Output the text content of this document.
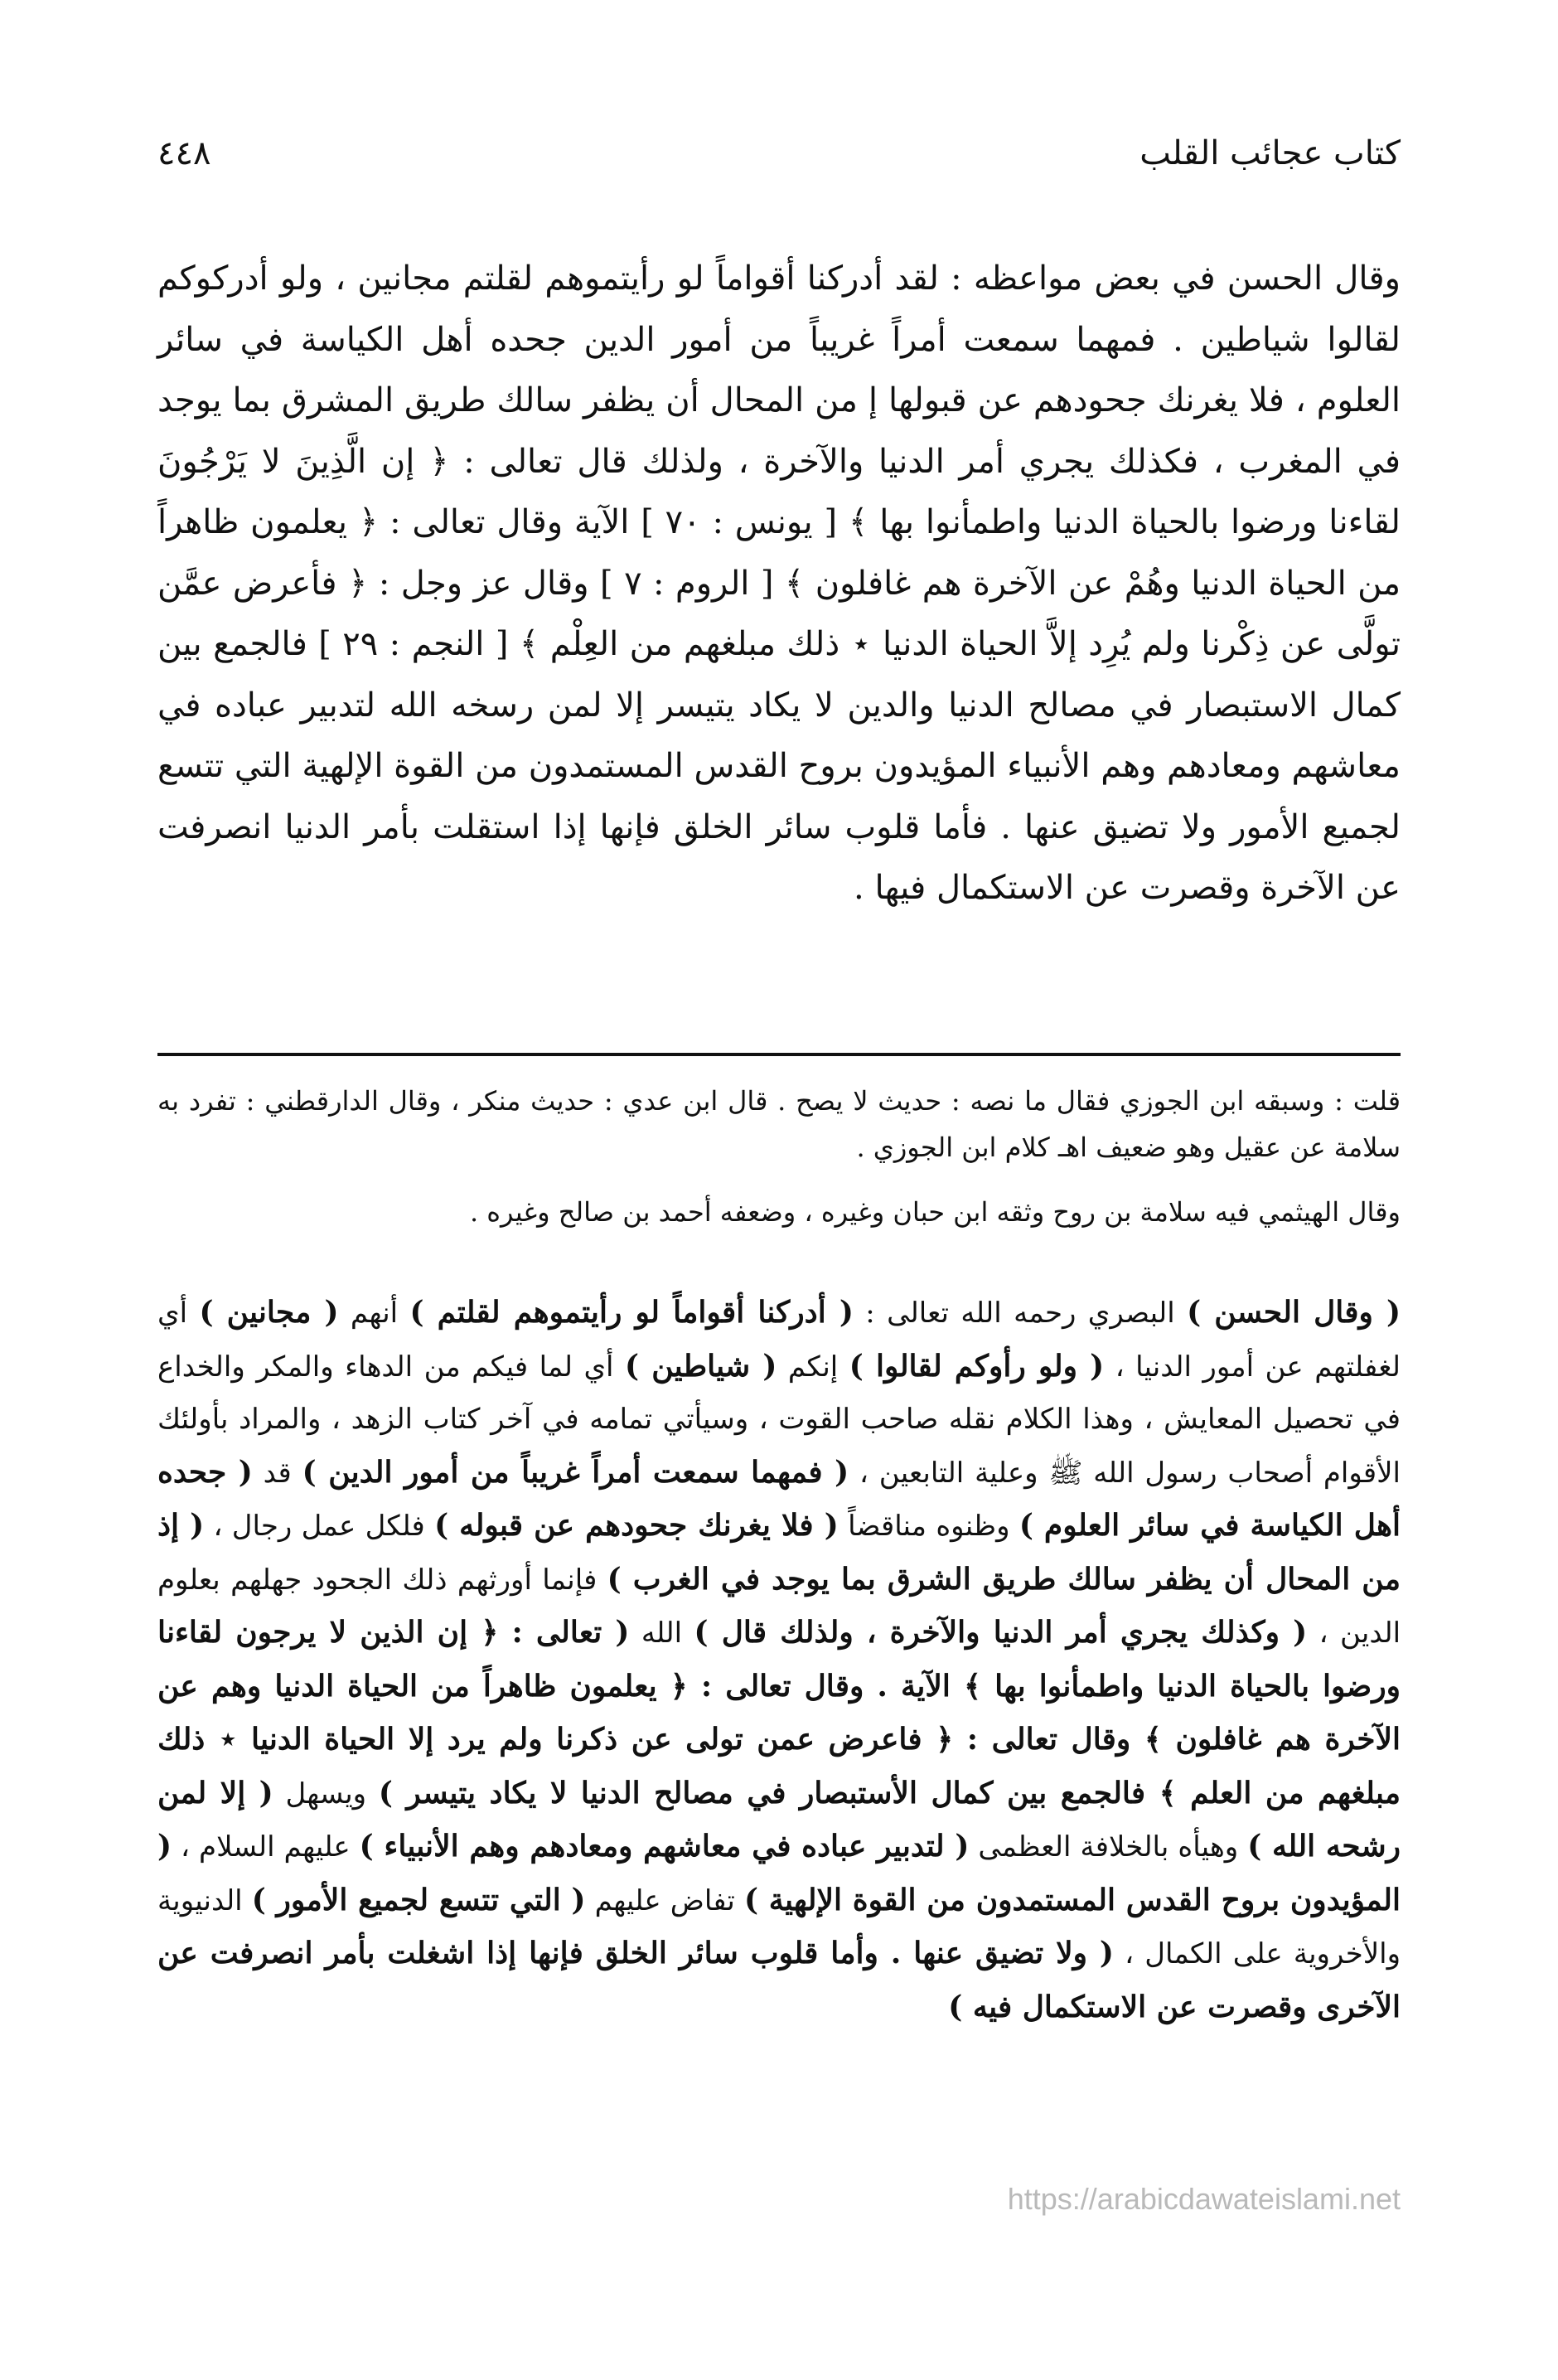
كتاب عجائب القلب
٤٤٨

وقال الحسن في بعض مواعظه : لقد أدركنا أقواماً لو رأيتموهم لقلتم مجانين ، ولو أدركوكم لقالوا شياطين . فمهما سمعت أمراً غريباً من أمور الدين جحده أهل الكياسة في سائر العلوم ، فلا يغرنك جحودهم عن قبولها إ من المحال أن يظفر سالك طريق المشرق بما يوجد في المغرب ، فكذلك يجري أمر الدنيا والآخرة ، ولذلك قال تعالى : ﴿ إن الَّذِينَ لا يَرْجُونَ لقاءنا ورضوا بالحياة الدنيا واطمأنوا بها ﴾ [ يونس : ٧٠ ] الآية وقال تعالى : ﴿ يعلمون ظاهراً من الحياة الدنيا وهُمْ عن الآخرة هم غافلون ﴾ [ الروم : ٧ ] وقال عز وجل : ﴿ فأعرض عمَّن تولَّى عن ذِكْرنا ولم يُرِد إلاَّ الحياة الدنيا ⋆ ذلك مبلغهم من العِلْم ﴾ [ النجم : ٢٩ ] فالجمع بين كمال الاستبصار في مصالح الدنيا والدين لا يكاد يتيسر إلا لمن رسخه الله لتدبير عباده في معاشهم ومعادهم وهم الأنبياء المؤيدون بروح القدس المستمدون من القوة الإلهية التي تتسع لجميع الأمور ولا تضيق عنها . فأما قلوب سائر الخلق فإنها إذا استقلت بأمر الدنيا انصرفت عن الآخرة وقصرت عن الاستكمال فيها .

قلت : وسبقه ابن الجوزي فقال ما نصه : حديث لا يصح . قال ابن عدي : حديث منكر ، وقال الدارقطني : تفرد به سلامة عن عقيل وهو ضعيف اهـ كلام ابن الجوزي .

وقال الهيثمي فيه سلامة بن روح وثقه ابن حبان وغيره ، وضعفه أحمد بن صالح وغيره .

( وقال الحسن ) البصري رحمه الله تعالى : ( أدركنا أقواماً لو رأيتموهم لقلتم ) أنهم ( مجانين ) أي لغفلتهم عن أمور الدنيا ، ( ولو رأوكم لقالوا ) إنكم ( شياطين ) أي لما فيكم من الدهاء والمكر والخداع في تحصيل المعايش ، وهذا الكلام نقله صاحب القوت ، وسيأتي تمامه في آخر كتاب الزهد ، والمراد بأولئك الأقوام أصحاب رسول الله ﷺ وعلية التابعين ، ( فمهما سمعت أمراً غريباً من أمور الدين ) قد ( جحده أهل الكياسة في سائر العلوم ) وظنوه مناقضاً ( فلا يغرنك جحودهم عن قبوله ) فلكل عمل رجال ، ( إذ من المحال أن يظفر سالك طريق الشرق بما يوجد في الغرب ) فإنما أورثهم ذلك الجحود جهلهم بعلوم الدين ، ( وكذلك يجري أمر الدنيا والآخرة ، ولذلك قال ) الله ( تعالى : ﴿ إن الذين لا يرجون لقاءنا ورضوا بالحياة الدنيا واطمأنوا بها ﴾ الآية . وقال تعالى : ﴿ يعلمون ظاهراً من الحياة الدنيا وهم عن الآخرة هم غافلون ﴾ وقال تعالى : ﴿ فاعرض عمن تولى عن ذكرنا ولم يرد إلا الحياة الدنيا ⋆ ذلك مبلغهم من العلم ﴾ فالجمع بين كمال الأستبصار في مصالح الدنيا لا يكاد يتيسر ) ويسهل ( إلا لمن رشحه الله ) وهيأه بالخلافة العظمى ( لتدبير عباده في معاشهم ومعادهم وهم الأنبياء ) عليهم السلام ، ( المؤيدون بروح القدس المستمدون من القوة الإلهية ) تفاض عليهم ( التي تتسع لجميع الأمور ) الدنيوية والأخروية على الكمال ، ( ولا تضيق عنها . وأما قلوب سائر الخلق فإنها إذا اشغلت بأمر انصرفت عن الآخرى وقصرت عن الاستكمال فيه )

https://arabicdawateislami.net
